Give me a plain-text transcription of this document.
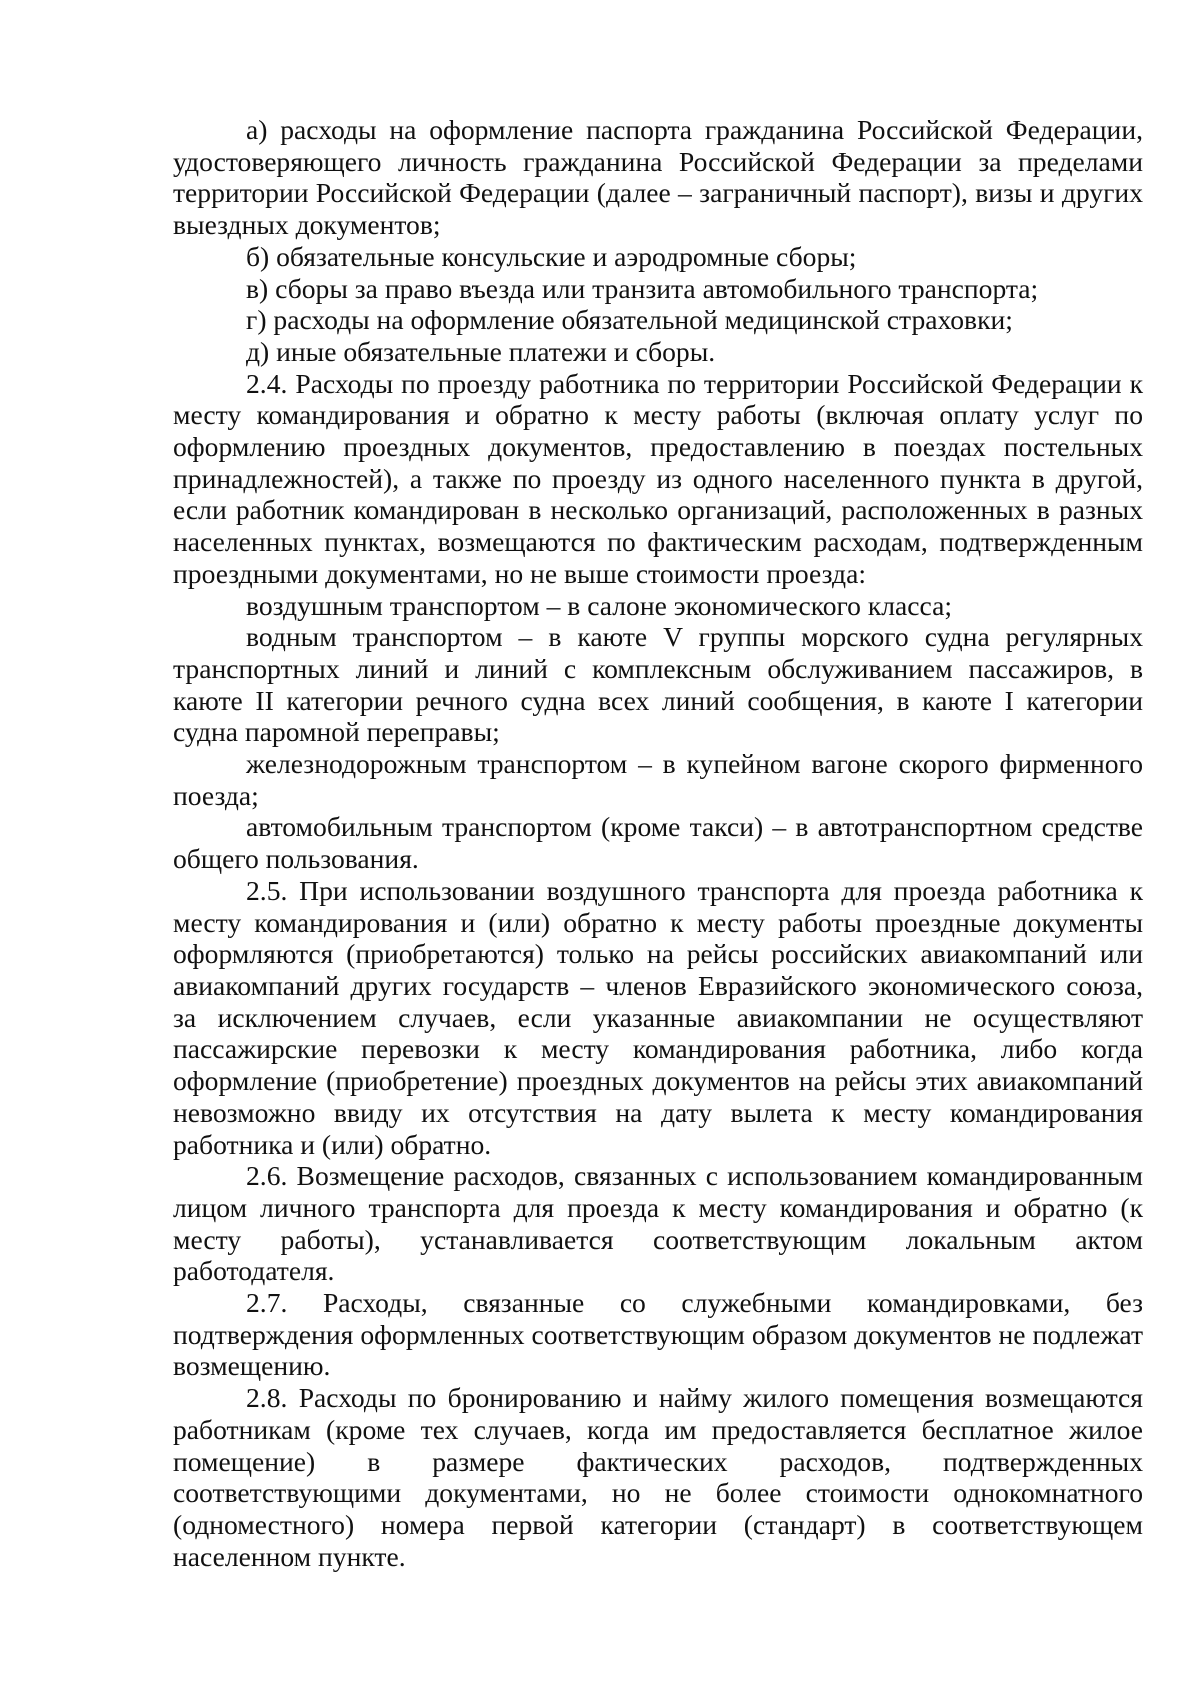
а) расходы на оформление паспорта гражданина Российской Федерации, удостоверяющего личность гражданина Российской Федерации за пределами территории Российской Федерации (далее – заграничный паспорт), визы и других выездных документов;

б) обязательные консульские и аэродромные сборы;

в) сборы за право въезда или транзита автомобильного транспорта;

г) расходы на оформление обязательной медицинской страховки;

д) иные обязательные платежи и сборы.

2.4. Расходы по проезду работника по территории Российской Федерации к месту командирования и обратно к месту работы (включая оплату услуг по оформлению проездных документов, предоставлению в поездах постельных принадлежностей), а также по проезду из одного населенного пункта в другой, если работник командирован в несколько организаций, расположенных в разных населенных пунктах, возмещаются по фактическим расходам, подтвержденным проездными документами, но не выше стоимости проезда:

воздушным транспортом – в салоне экономического класса;

водным транспортом – в каюте V группы морского судна регулярных транспортных линий и линий с комплексным обслуживанием пассажиров, в каюте II категории речного судна всех линий сообщения, в каюте I категории судна паромной переправы;

железнодорожным транспортом – в купейном вагоне скорого фирменного поезда;

автомобильным транспортом (кроме такси) – в автотранспортном средстве общего пользования.

2.5. При использовании воздушного транспорта для проезда работника к месту командирования и (или) обратно к месту работы проездные документы оформляются (приобретаются) только на рейсы российских авиакомпаний или авиакомпаний других государств – членов Евразийского экономического союза, за исключением случаев, если указанные авиакомпании не осуществляют пассажирские перевозки к месту командирования работника, либо когда оформление (приобретение) проездных документов на рейсы этих авиакомпаний невозможно ввиду их отсутствия на дату вылета к месту командирования работника и (или) обратно.

2.6. Возмещение расходов, связанных с использованием командированным лицом личного транспорта для проезда к месту командирования и обратно (к месту работы), устанавливается соответствующим локальным актом работодателя.

2.7. Расходы, связанные со служебными командировками, без подтверждения оформленных соответствующим образом документов не подлежат возмещению.

2.8. Расходы по бронированию и найму жилого помещения возмещаются работникам (кроме тех случаев, когда им предоставляется бесплатное жилое помещение) в размере фактических расходов, подтвержденных соответствующими документами, но не более стоимости однокомнатного (одноместного) номера первой категории (стандарт) в соответствующем населенном пункте.
